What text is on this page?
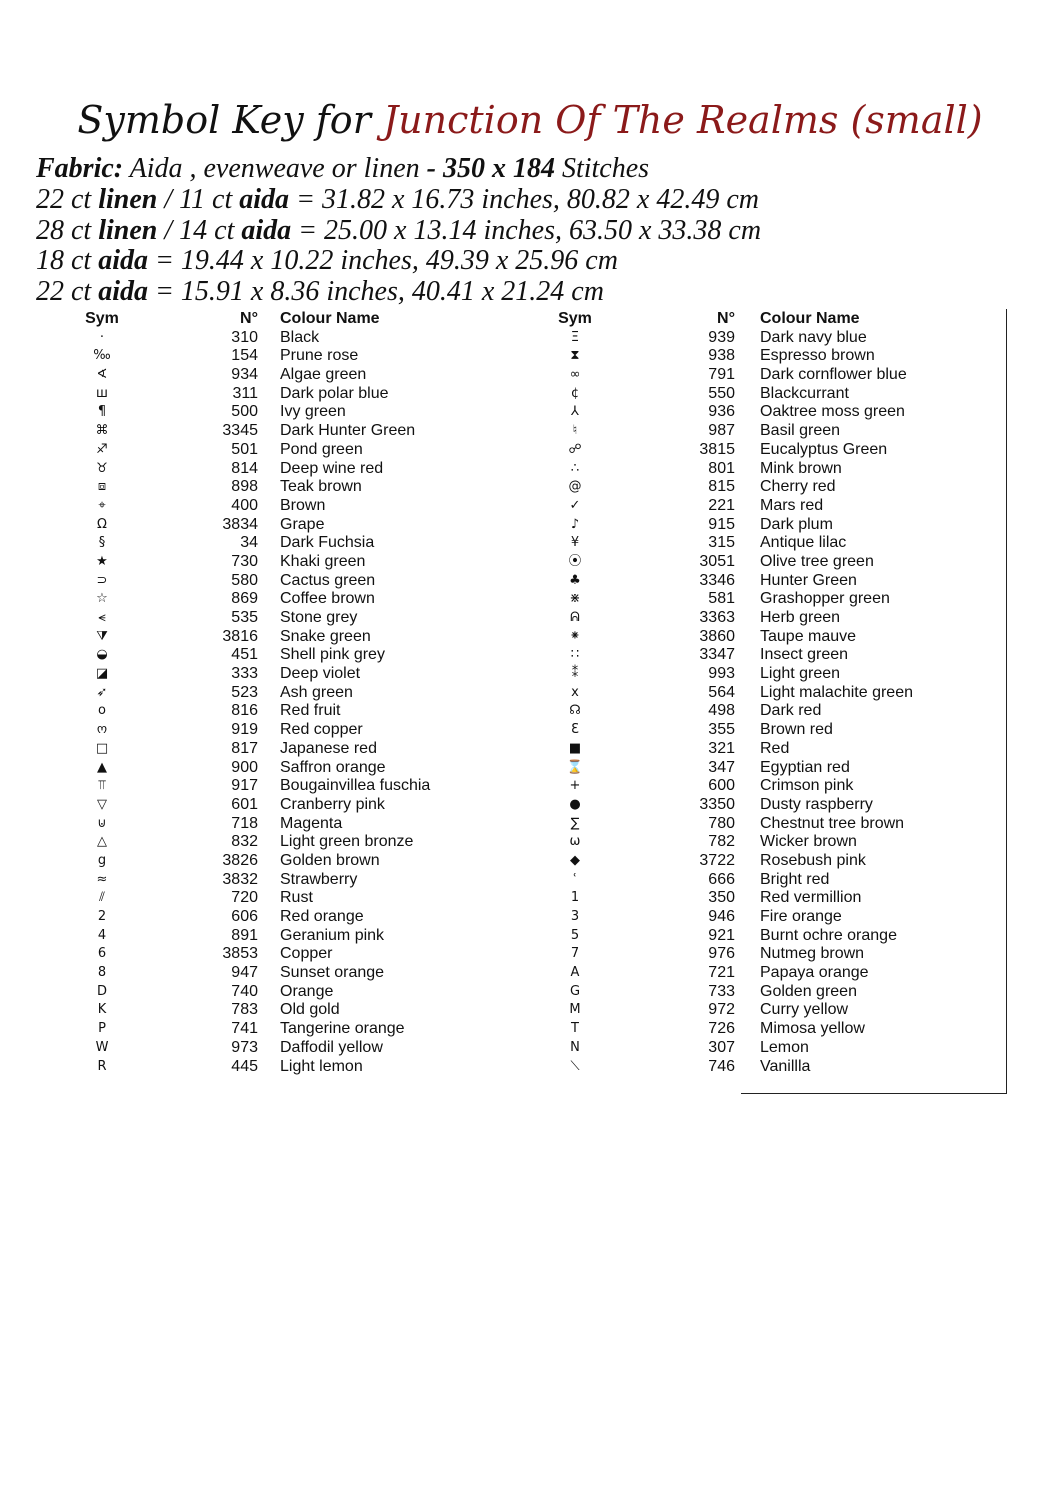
Symbol Key for Junction Of The Realms (small)
Fabric: Aida , evenweave or linen - 350 x 184 Stitches
22 ct linen / 11 ct aida = 31.82 x 16.73 inches, 80.82 x 42.49 cm
28 ct linen / 14 ct aida = 25.00 x 13.14 inches, 63.50 x 33.38 cm
18 ct aida = 19.44 x 10.22 inches, 49.39 x 25.96 cm
22 ct aida = 15.91 x 8.36 inches, 40.41 x 21.24 cm
Sym	N° Colour Name
·	310 Black
‰	154 Prune rose
∢	934 Algae green
ш	311 Dark polar blue
¶	500 Ivy green
⌘	3345 Dark Hunter Green
♐	501 Pond green
♉	814 Deep wine red
⧈	898 Teak brown
⌖	400 Brown
Ω	3834 Grape
§	34 Dark Fuchsia
★	730 Khaki green
⊃	580 Cactus green
☆	869 Coffee brown
⪪	535 Stone grey
⧩	3816 Snake green
◒	451 Shell pink grey
◪	333 Deep violet
➶	523 Ash green
o	816 Red fruit
ო	919 Red copper
□	817 Japanese red
▲	900 Saffron orange
⫪	917 Bougainvillea fuschia
▽	601 Cranberry pink
⊍	718 Magenta
△	832 Light green bronze
g	3826 Golden brown
≈	3832 Strawberry
⫽	720 Rust
2	606 Red orange
4	891 Geranium pink
6	3853 Copper
8	947 Sunset orange
D	740 Orange
K	783 Old gold
P	741 Tangerine orange
W	973 Daffodil yellow
R	445 Light lemon
Sym	N° Colour Name
Ξ	939 Dark navy blue
⧗	938 Espresso brown
∞	791 Dark cornflower blue
¢	550 Blackcurrant
⅄	936 Oaktree moss green
♮	987 Basil green
☍	3815 Eucalyptus Green
∴	801 Mink brown
@	815 Cherry red
✓	221 Mars red
♪	915 Dark plum
¥	315 Antique lilac
⦿	3051 Olive tree green
♣	3346 Hunter Green
⋇	581 Grashopper green
ᕱ	3363 Herb green
⁕	3860 Taupe mauve
∷	3347 Insect green
⁑	993 Light green
x	564 Light malachite green
☊	498 Dark red
Ɛ	355 Brown red
■	321 Red
⌛	347 Egyptian red
+	600 Crimson pink
●	3350 Dusty raspberry
∑	780 Chestnut tree brown
ω	782 Wicker brown
◆	3722 Rosebush pink
ʿ	666 Bright red
1	350 Red vermillion
3	946 Fire orange
5	921 Burnt ochre orange
7	976 Nutmeg brown
A	721 Papaya orange
G	733 Golden green
M	972 Curry yellow
T	726 Mimosa yellow
N	307 Lemon
⟍	746 Vanillla
